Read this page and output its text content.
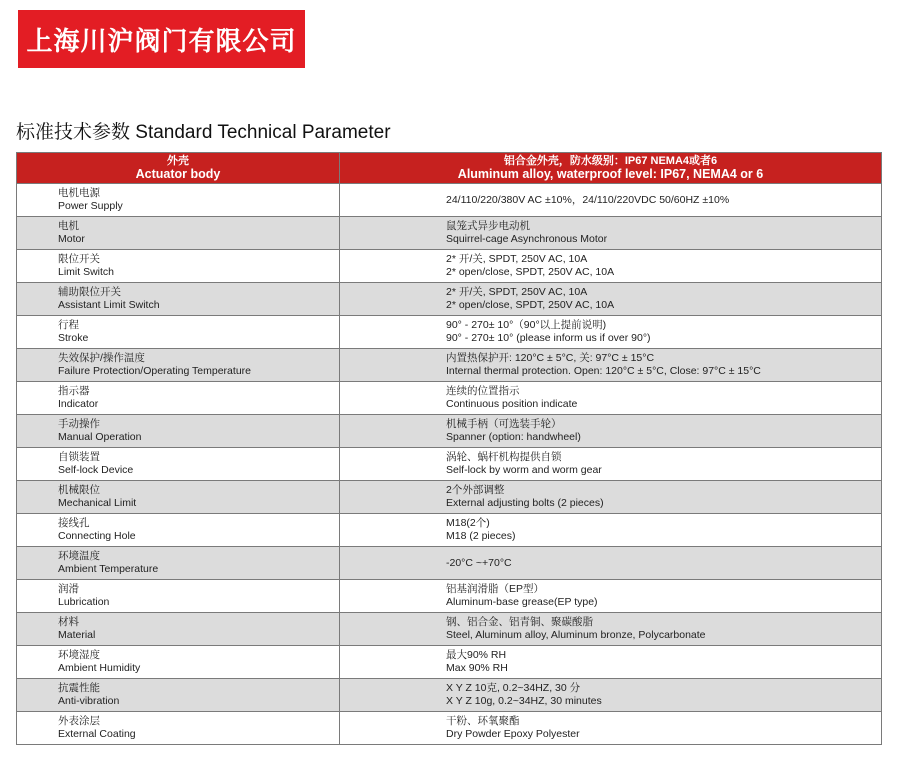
上海川沪阀门有限公司
标准技术参数 Standard Technical Parameter
外壳
Actuator body	铝合金外壳，防水级别：IP67 NEMA4或者6
Aluminum alloy, waterproof level: IP67, NEMA4 or 6

电机电源
Power Supply	24/110/220/380V AC ±10%，24/110/220VDC 50/60HZ ±10%

电机
Motor	鼠笼式异步电动机
Squirrel-cage Asynchronous Motor

限位开关
Limit Switch	2* 开/关, SPDT, 250V AC, 10A
2* open/close, SPDT, 250V AC, 10A

辅助限位开关
Assistant Limit Switch	2* 开/关, SPDT, 250V AC, 10A
2* open/close, SPDT, 250V AC, 10A

行程
Stroke	90° - 270± 10°（90°以上提前说明)
90° - 270± 10° (please inform us if over 90°)

失效保护/操作温度
Failure Protection/Operating Temperature	内置热保护开: 120°C ± 5°C, 关: 97°C ± 15°C
Internal thermal protection. Open: 120°C ± 5°C, Close: 97°C ± 15°C

指示器
Indicator	连续的位置指示
Continuous position indicate

手动操作
Manual Operation	机械手柄（可选装手轮）
Spanner (option: handwheel)

自锁装置
Self-lock Device	涡轮、蜗杆机构提供自锁
Self-lock by worm and worm gear

机械限位
Mechanical Limit	2个外部调整
External adjusting bolts (2 pieces)

接线孔
Connecting Hole	M18(2个)
M18 (2 pieces)

环境温度
Ambient Temperature	-20°C ~+70°C

润滑
Lubrication	铝基润滑脂（EP型）
Aluminum-base grease(EP type)

材料
Material	钢、铝合金、铝青铜、聚碳酸脂
Steel, Aluminum alloy, Aluminum bronze, Polycarbonate

环境湿度
Ambient Humidity	最大90% RH
Max 90% RH

抗震性能
Anti-vibration	X Y Z 10克, 0.2~34HZ, 30 分
X Y Z 10g, 0.2~34HZ, 30 minutes

外表涂层
External Coating	干粉、环氧聚酯
Dry Powder Epoxy Polyester
